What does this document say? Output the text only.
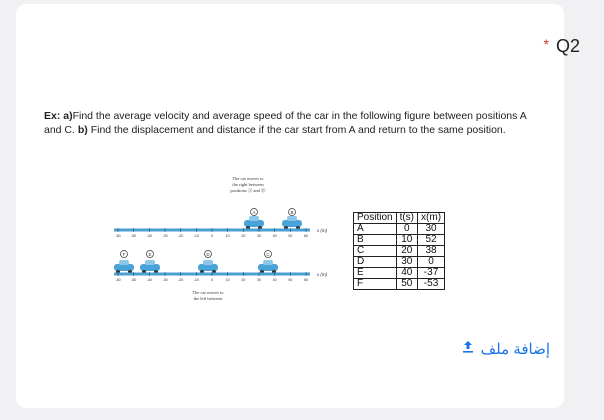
* Q2
Ex: a)Find the average velocity and average speed of the car in the following figure between positions A and C. b) Find the displacement and distance if the car start from A and return to the same position.
The car moves to
the right between
positions Ⓐ and Ⓑ
A	B
x (m)
-60	-50	-40	-30	-20	-10	0	10	20	30	40	50	60
F	E	D	C
x (m)
-60	-50	-40	-30	-20	-10	0	10	20	30	40	50	60
The car moves to
the left between
Position	t(s)	x(m)
A	0	30
B	10	52
C	20	38
D	30	0
E	40	-37
F	50	-53
إضافة ملف
